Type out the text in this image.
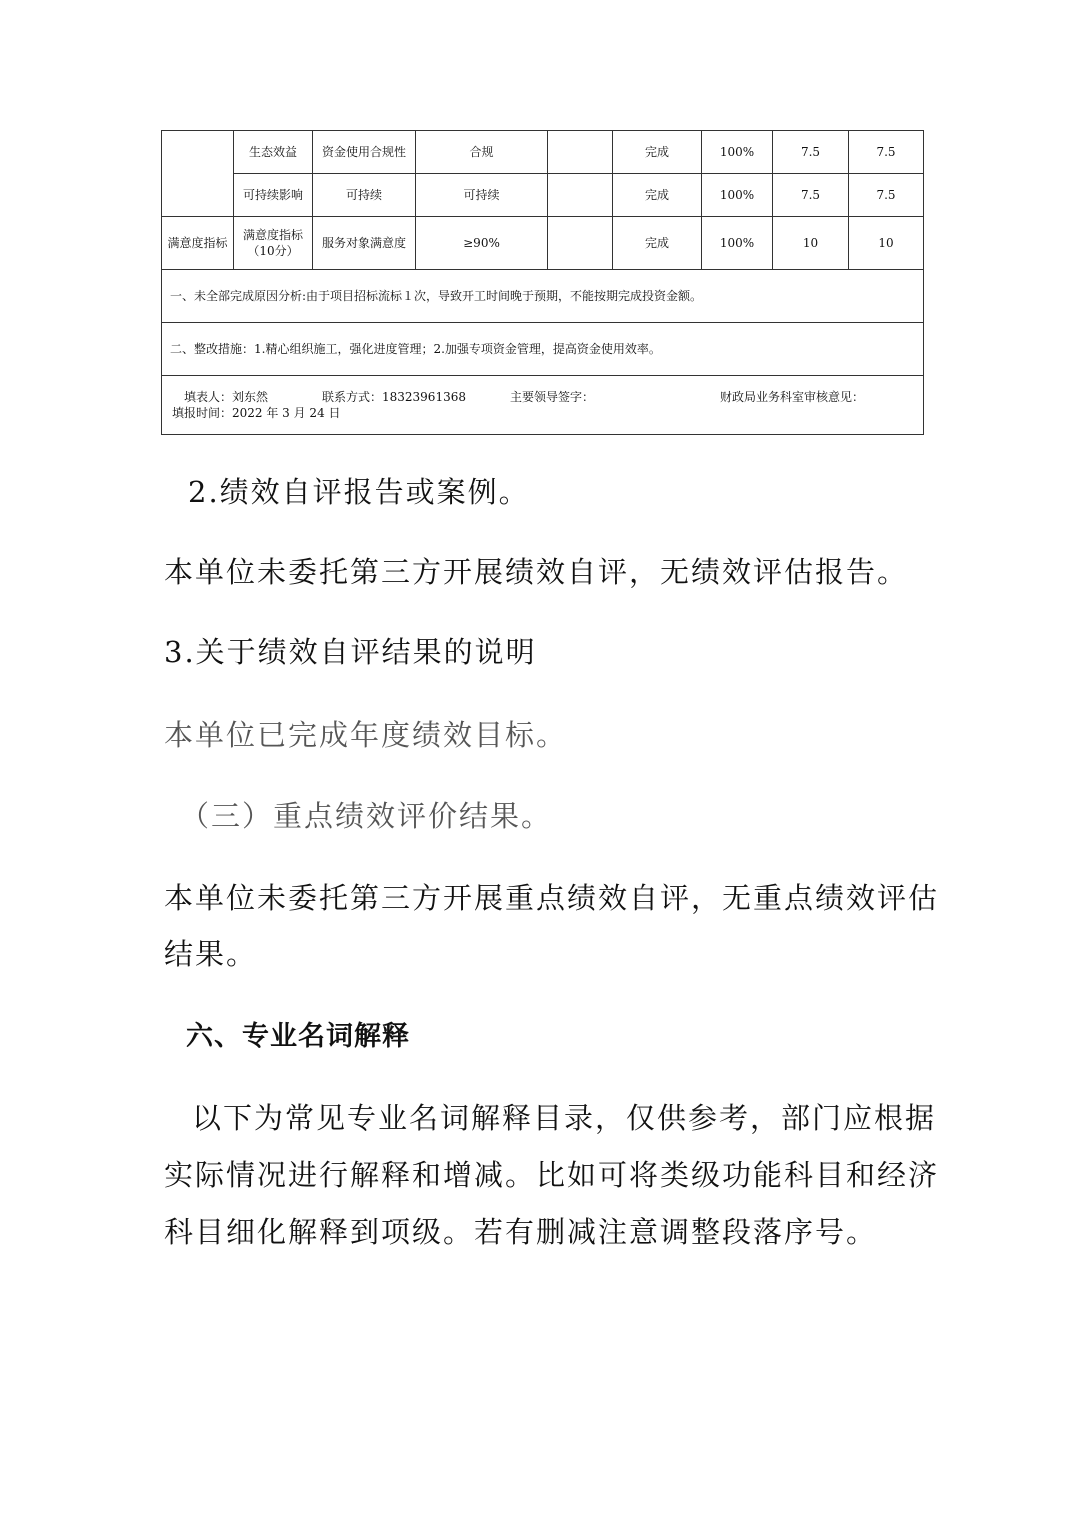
	生态效益	资金使用合规性	合规		完成	100%	7.5	7.5
	可持续影响	可持续	可持续		完成	100%	7.5	7.5
满意度指标	满意度指标（10分）	服务对象满意度	≥90%		完成	100%	10	10
一、未全部完成原因分析:由于项目招标流标１次，导致开工时间晚于预期，不能按期完成投资金额。								
二、整改措施：1.精心组织施工，强化进度管理；2.加强专项资金管理，提高资金使用效率。								

填表人：刘东然 联系方式：18323961368 主要领导签字： 财政局业务科室审核意见：
填报时间：2022 年 3 月 24 日								

2.绩效自评报告或案例。

本单位未委托第三方开展绩效自评，无绩效评估报告。

3.关于绩效自评结果的说明

本单位已完成年度绩效目标。

（三）重点绩效评价结果。

本单位未委托第三方开展重点绩效自评，无重点绩效评估

结果。

六、专业名词解释

以下为常见专业名词解释目录，仅供参考，部门应根据

实际情况进行解释和增减。比如可将类级功能科目和经济

科目细化解释到项级。若有删减注意调整段落序号。
